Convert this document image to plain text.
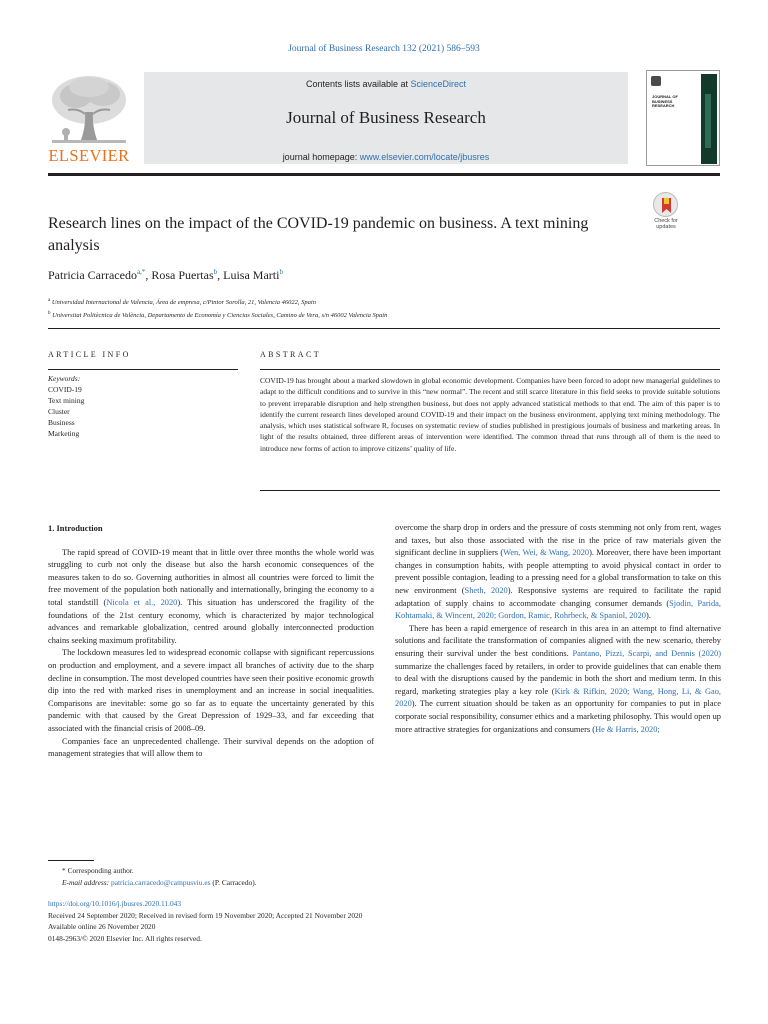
Journal of Business Research 132 (2021) 586–593
ELSEVIER
Contents lists available at ScienceDirect
Journal of Business Research
journal homepage: www.elsevier.com/locate/jbusres
JOURNAL OF BUSINESS RESEARCH
Research lines on the impact of the COVID-19 pandemic on business. A text mining analysis
Check for updates
Patricia Carracedo$^{a,*}$, Rosa Puertas$^b$, Luisa Marti$^b$
$^a$ Universidad Internacional de Valencia, Área de empresa, c/Pintor Sorolla, 21, Valencia 46022, Spain
$^b$ Universitat Politècnica de València, Departamento de Economía y Ciencias Sociales, Camino de Vera, s/n 46002 Valencia Spain
ARTICLE INFO	ABSTRACT
Keywords:
COVID-19
Text mining
Cluster
Business
Marketing
COVID-19 has brought about a marked slowdown in global economic development. Companies have been forced to adopt new managerial guidelines to adapt to the difficult conditions and to survive in this “new normal”. The recent and still scarce literature in this field seeks to provide suitable solutions to prevent irreparable disruption and help strengthen business, but does not apply advanced statistical methods to that end. The aim of this paper is to identify the current research lines developed around COVID-19 and their impact on the business environment, applying text mining methodology. The analysis, which uses statistical software R, focuses on systematic review of studies published in prestigious journals of business and marketing areas. In light of the results obtained, three different areas of intervention were identified. The common thread that runs through all of them is the need to introduce new forms of action to improve citizens’ quality of life.
1. Introduction

The rapid spread of COVID-19 meant that in little over three months the whole world was struggling to curb not only the disease but also the harsh economic consequences of the measures taken to do so. Governing authorities in almost all countries were forced to limit the free movement of the population both nationally and internationally, bringing the economy to a total standstill (Nicola et al., 2020). This situation has underscored the fragility of the foundations of the 21st century economy, which is characterized by major technological advances and remarkable globalization, centred around globally interconnected production chains seeking maximum profitability.

The lockdown measures led to widespread economic collapse with significant repercussions on production and employment, and a severe impact all branches of activity due to the sharp decline in consumption. The most developed countries have seen their positive economic growth dip into the red with marked rises in unemployment and an increase in social inequalities. Comparisons are inevitable: some go so far as to equate the uncertainty generated by this pandemic with that caused by the Great Depression of 1929–33, and far exceeding that associated with the financial crisis of 2008–09.

Companies face an unprecedented challenge. Their survival depends on the adoption of management strategies that will allow them to

overcome the sharp drop in orders and the pressure of costs stemming not only from rent, wages and taxes, but also those associated with the rise in the price of raw materials given the significant decline in suppliers (Wen, Wei, & Wang, 2020). Moreover, there have been important changes in consumption habits, with people attempting to avoid physical contact in order to prevent possible contagion, leading to a pressing need for a global transformation to take on this new environment (Sheth, 2020). Responsive systems are required to facilitate the rapid adaptation of supply chains to accommodate changing consumer demands (Sjodin, Parida, Kohtamaki, & Wincent, 2020; Gordon, Ramic, Rohrbeck, & Spaniol, 2020).

There has been a rapid emergence of research in this area in an attempt to find alternative solutions and facilitate the transformation of companies aligned with the new scenario, thereby ensuring their survival under the best conditions. Pantano, Pizzi, Scarpi, and Dennis (2020) summarize the challenges faced by retailers, in order to provide guidelines that can enable them to deal with the disruptions caused by the pandemic in both the short and medium term. In this regard, marketing strategies play a key role (Kirk & Rifkin, 2020; Wang, Hong, Li, & Gao, 2020). The current situation should be taken as an opportunity for companies to put in place corporate social responsibility, consumer ethics and a marketing philosophy. This would open up more attractive strategies for organizations and consumers (He & Harris, 2020;

* Corresponding author.
E-mail address: patricia.carracedo@campusviu.es (P. Carracedo).
https://doi.org/10.1016/j.jbusres.2020.11.043
Received 24 September 2020; Received in revised form 19 November 2020; Accepted 21 November 2020
Available online 26 November 2020
0148-2963/© 2020 Elsevier Inc. All rights reserved.
